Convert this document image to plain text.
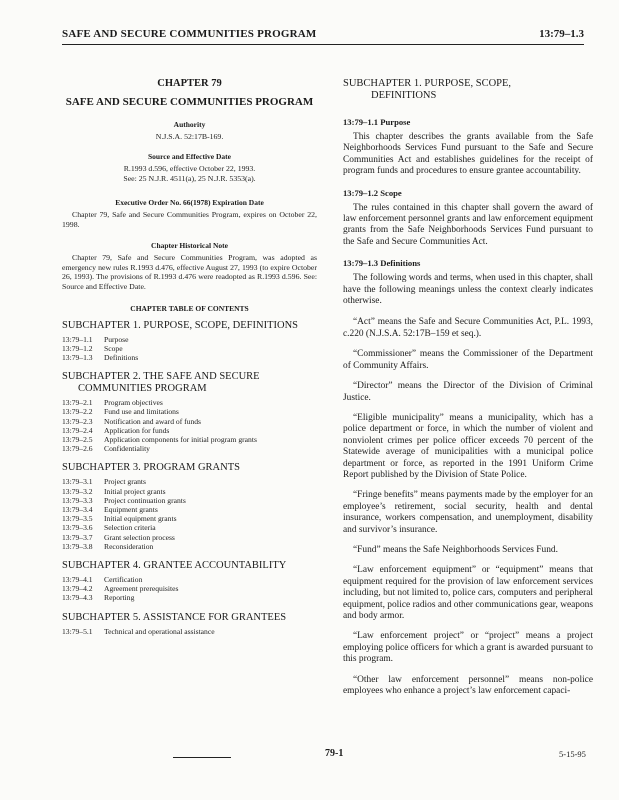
SAFE AND SECURE COMMUNITIES PROGRAM	13:79–1.3
CHAPTER 79
SAFE AND SECURE COMMUNITIES PROGRAM
Authority
N.J.S.A. 52:17B-169.
Source and Effective Date
R.1993 d.596, effective October 22, 1993.
See: 25 N.J.R. 4511(a), 25 N.J.R. 5353(a).
Executive Order No. 66(1978) Expiration Date
Chapter 79, Safe and Secure Communities Program, expires on October 22, 1998.
Chapter Historical Note
Chapter 79, Safe and Secure Communities Program, was adopted as emergency new rules R.1993 d.476, effective August 27, 1993 (to expire October 26, 1993). The provisions of R.1993 d.476 were readopted as R.1993 d.596. See: Source and Effective Date.
CHAPTER TABLE OF CONTENTS
SUBCHAPTER 1. PURPOSE, SCOPE, DEFINITIONS
13:79–1.1	Purpose
13:79–1.2	Scope
13:79–1.3	Definitions
SUBCHAPTER 2. THE SAFE AND SECURE
COMMUNITIES PROGRAM
13:79–2.1	Program objectives
13:79–2.2	Fund use and limitations
13:79–2.3	Notification and award of funds
13:79–2.4	Application for funds
13:79–2.5	Application components for initial program grants
13:79–2.6	Confidentiality
SUBCHAPTER 3. PROGRAM GRANTS
13:79–3.1	Project grants
13:79–3.2	Initial project grants
13:79–3.3	Project continuation grants
13:79–3.4	Equipment grants
13:79–3.5	Initial equipment grants
13:79–3.6	Selection criteria
13:79–3.7	Grant selection process
13:79–3.8	Reconsideration
SUBCHAPTER 4. GRANTEE ACCOUNTABILITY
13:79–4.1	Certification
13:79–4.2	Agreement prerequisites
13:79–4.3	Reporting
SUBCHAPTER 5. ASSISTANCE FOR GRANTEES
13:79–5.1	Technical and operational assistance
SUBCHAPTER 1. PURPOSE, SCOPE,
DEFINITIONS
13:79–1.1 Purpose
This chapter describes the grants available from the Safe Neighborhoods Services Fund pursuant to the Safe and Secure Communities Act and establishes guidelines for the receipt of program funds and procedures to ensure grantee accountability.
13:79–1.2 Scope
The rules contained in this chapter shall govern the award of law enforcement personnel grants and law enforcement equipment grants from the Safe Neighborhoods Services Fund pursuant to the Safe and Secure Communities Act.
13:79–1.3 Definitions
The following words and terms, when used in this chapter, shall have the following meanings unless the context clearly indicates otherwise.
“Act” means the Safe and Secure Communities Act, P.L. 1993, c.220 (N.J.S.A. 52:17B–159 et seq.).
“Commissioner” means the Commissioner of the Department of Community Affairs.
“Director” means the Director of the Division of Criminal Justice.
“Eligible municipality” means a municipality, which has a police department or force, in which the number of violent and nonviolent crimes per police officer exceeds 70 percent of the Statewide average of municipalities with a municipal police department or force, as reported in the 1991 Uniform Crime Report published by the Division of State Police.
“Fringe benefits” means payments made by the employer for an employee’s retirement, social security, health and dental insurance, workers compensation, and unemployment, disability and survivor’s insurance.
“Fund” means the Safe Neighborhoods Services Fund.
“Law enforcement equipment” or “equipment” means that equipment required for the provision of law enforcement services including, but not limited to, police cars, computers and peripheral equipment, police radios and other communications gear, weapons and body armor.
“Law enforcement project” or “project” means a project employing police officers for which a grant is awarded pursuant to this program.
“Other law enforcement personnel” means non-police employees who enhance a project’s law enforcement capaci-
79-1	5-15-95
